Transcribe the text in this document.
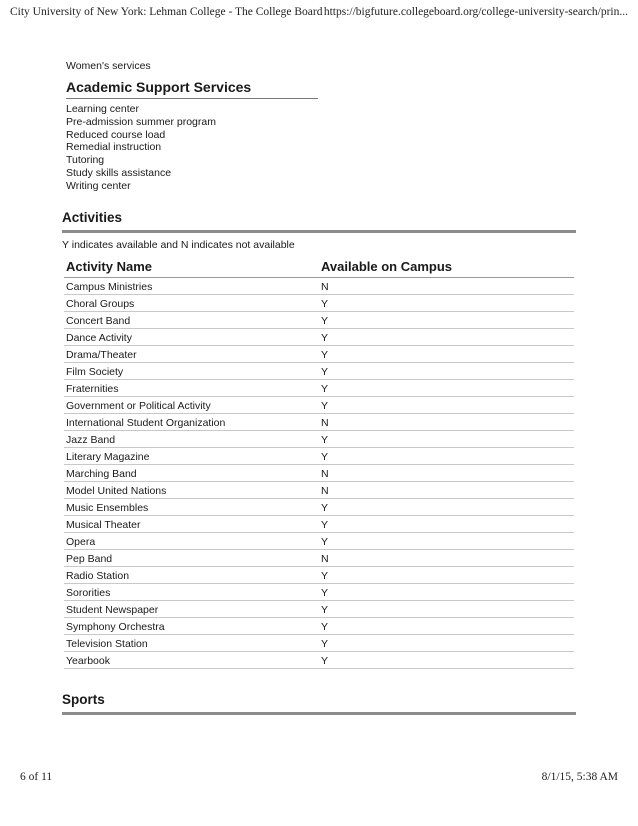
City University of New York: Lehman College - The College Board https://bigfuture.collegeboard.org/college-university-search/prin...
Women's services
Academic Support Services
Learning center
Pre-admission summer program
Reduced course load
Remedial instruction
Tutoring
Study skills assistance
Writing center
Activities
Y indicates available and N indicates not available
Activity Name	Available on Campus
Campus Ministries	N
Choral Groups	Y
Concert Band	Y
Dance Activity	Y
Drama/Theater	Y
Film Society	Y
Fraternities	Y
Government or Political Activity	Y
International Student Organization	N
Jazz Band	Y
Literary Magazine	Y
Marching Band	N
Model United Nations	N
Music Ensembles	Y
Musical Theater	Y
Opera	Y
Pep Band	N
Radio Station	Y
Sororities	Y
Student Newspaper	Y
Symphony Orchestra	Y
Television Station	Y
Yearbook	Y
Sports
6 of 11	8/1/15, 5:38 AM
